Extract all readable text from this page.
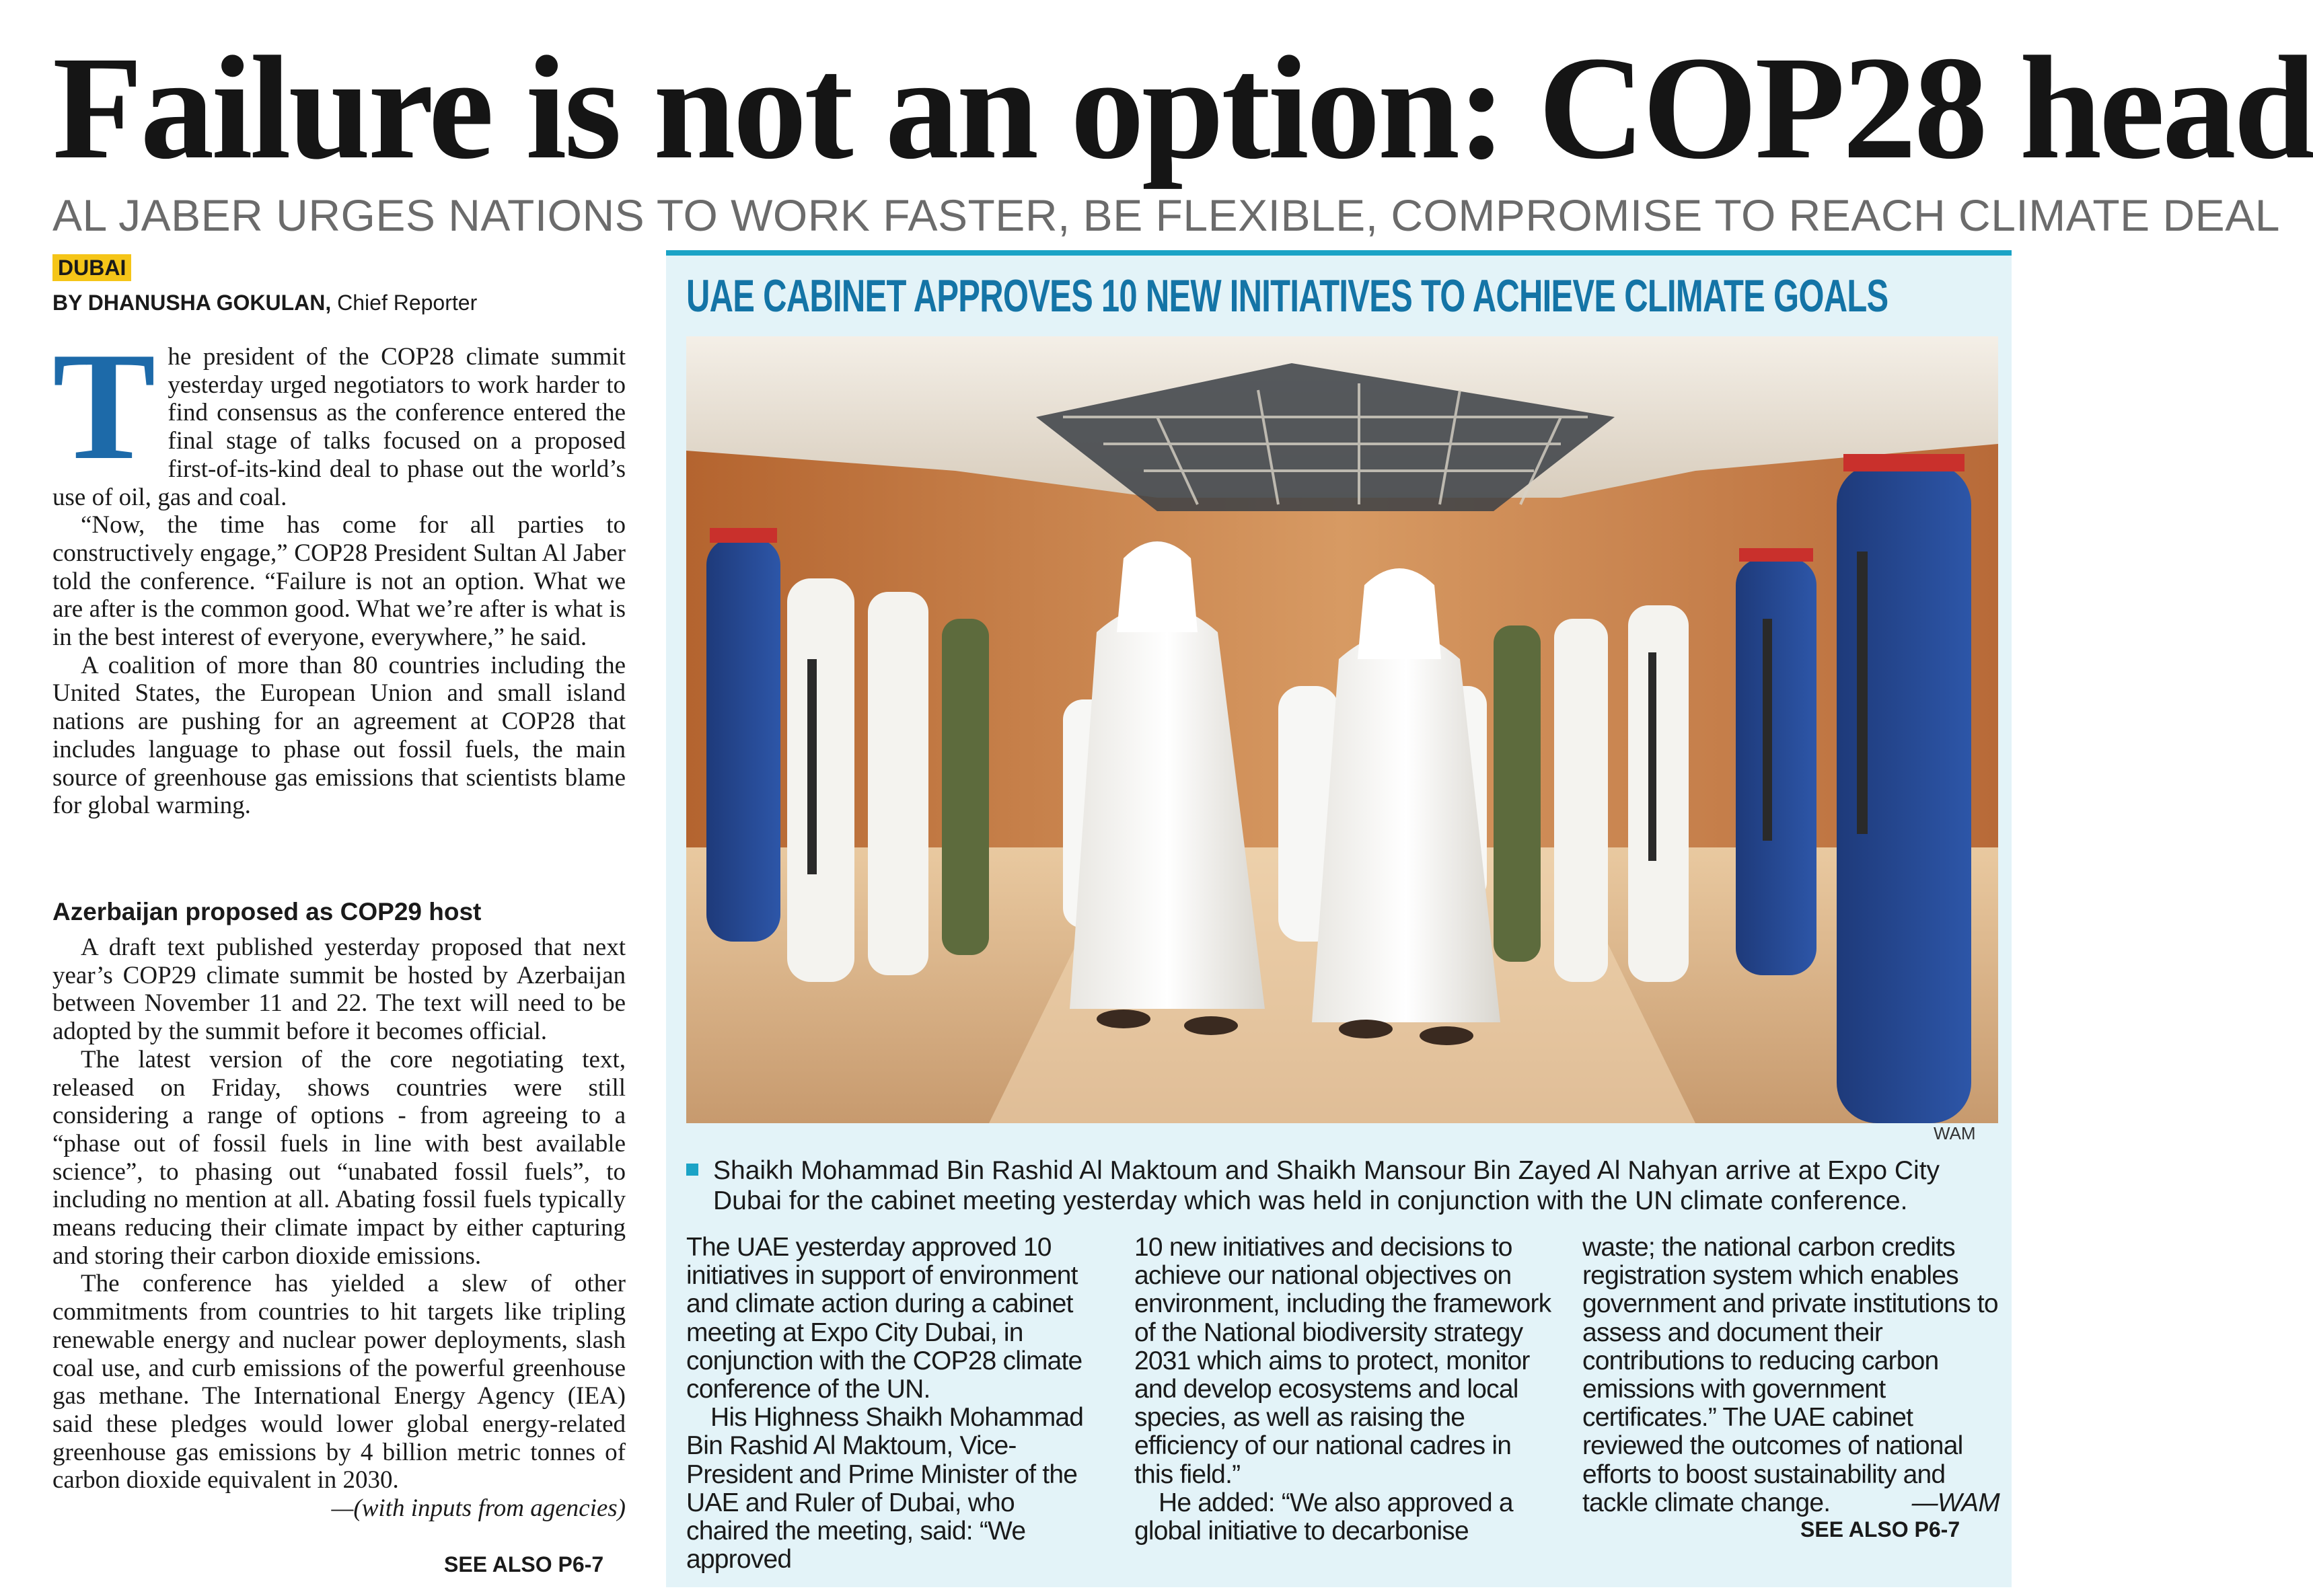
Failure is not an option: COP28 head
AL JABER URGES NATIONS TO WORK FASTER, BE FLEXIBLE, COMPROMISE TO REACH CLIMATE DEAL
DUBAI
BY DHANUSHA GOKULAN, Chief Reporter
T he president of the COP28 climate summit yesterday urged negotiators to work harder to find consensus as the conference entered the final stage of talks focused on a proposed first-of-its-kind deal to phase out the world’s use of oil, gas and coal.

“Now, the time has come for all parties to constructively engage,” COP28 President Sultan Al Jaber told the conference. “Failure is not an option. What we are after is the common good. What we’re after is what is in the best interest of everyone, everywhere,” he said.

A coalition of more than 80 countries including the United States, the European Union and small island nations are pushing for an agreement at COP28 that includes language to phase out fossil fuels, the main source of greenhouse gas emissions that scientists blame for global warming.

Azerbaijan proposed as COP29 host

A draft text published yesterday proposed that next year’s COP29 climate summit be hosted by Azerbaijan between November 11 and 22. The text will need to be adopted by the summit before it becomes official.

The latest version of the core negotiating text, released on Friday, shows countries were still considering a range of options - from agreeing to a “phase out of fossil fuels in line with best available science”, to phasing out “unabated fossil fuels”, to including no mention at all. Abating fossil fuels typically means reducing their climate impact by either capturing and storing their carbon dioxide emissions.

The conference has yielded a slew of other commitments from countries to hit targets like tripling renewable energy and nuclear power deployments, slash coal use, and curb emissions of the powerful greenhouse gas methane. The International Energy Agency (IEA) said these pledges would lower global energy-related greenhouse gas emissions by 4 billion metric tonnes of carbon dioxide equivalent in 2030.
—(with inputs from agencies)

SEE ALSO P6-7
UAE CABINET APPROVES 10 NEW INITIATIVES TO ACHIEVE CLIMATE GOALS
WAM
Shaikh Mohammad Bin Rashid Al Maktoum and Shaikh Mansour Bin Zayed Al Nahyan arrive at Expo City
Dubai for the cabinet meeting yesterday which was held in conjunction with the UN climate conference.

The UAE yesterday approved 10 initiatives in support of environment and climate action during a cabinet meeting at Expo City Dubai, in conjunction with the COP28 climate conference of the UN.

His Highness Shaikh Mohammad Bin Rashid Al Maktoum, Vice-President and Prime Minister of the UAE and Ruler of Dubai, who chaired the meeting, said: “We approved

10 new initiatives and decisions to achieve our national objectives on environment, including the framework of the National biodiversity strategy 2031 which aims to protect, monitor and develop ecosystems and local species, as well as raising the efficiency of our national cadres in this field.”

He added: “We also approved a global initiative to decarbonise

waste; the national carbon credits registration system which enables government and private institutions to assess and document their contributions to reducing carbon emissions with government certificates.” The UAE cabinet reviewed the outcomes of national efforts to boost sustainability and tackle climate change.	—WAM

SEE ALSO P6-7
